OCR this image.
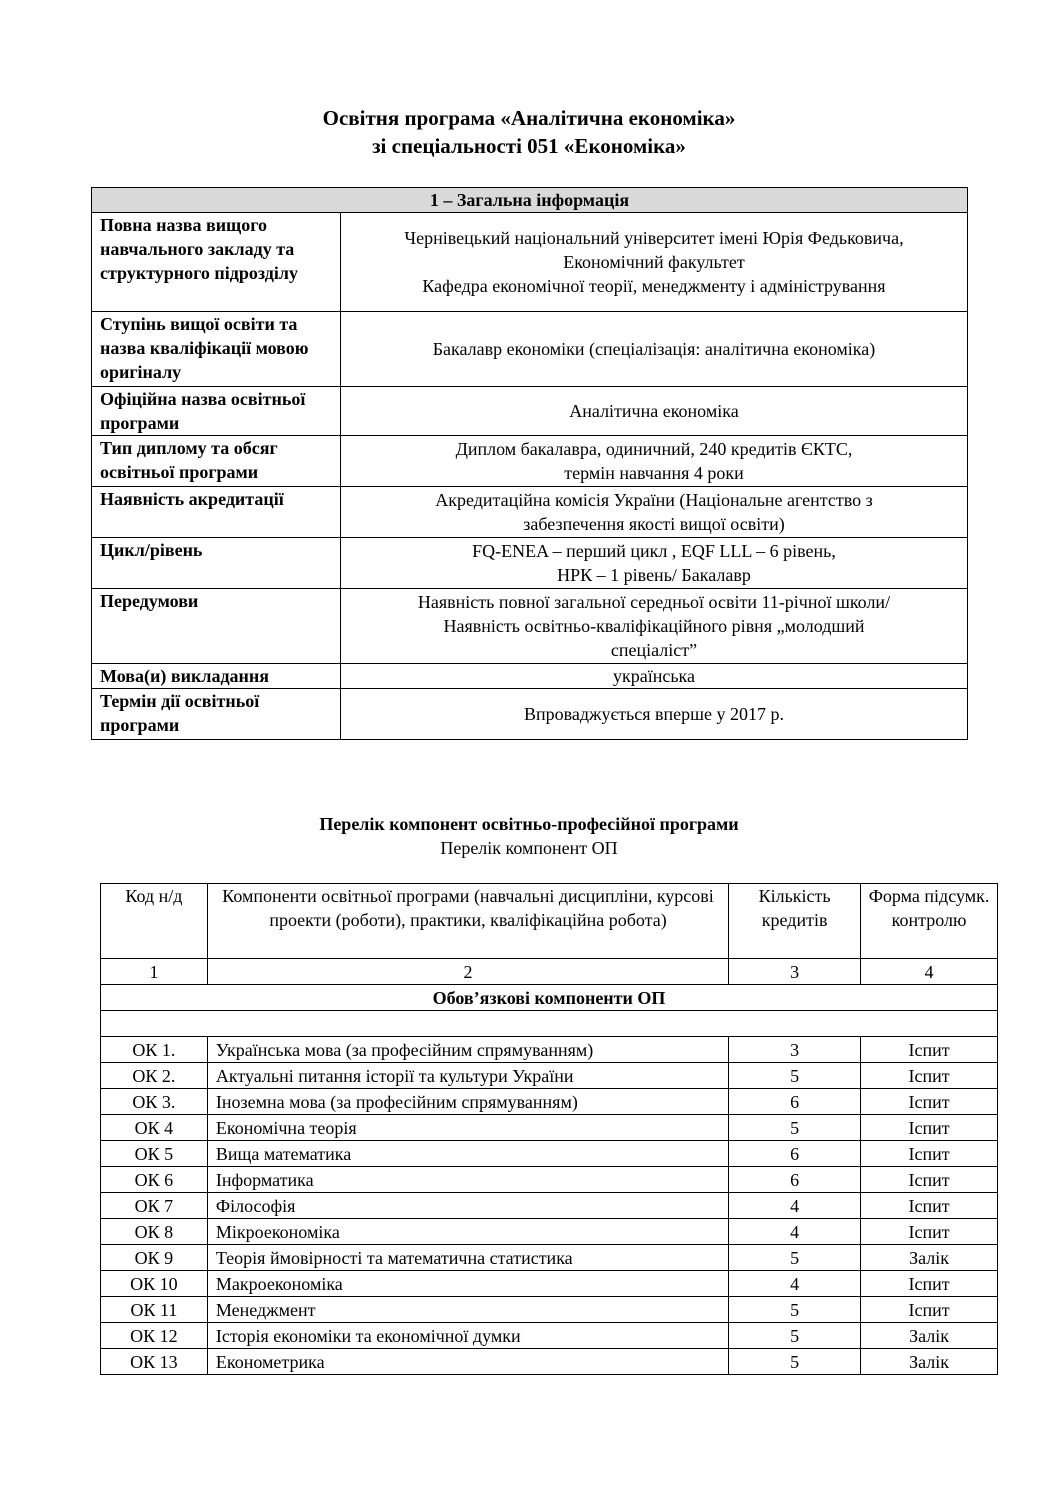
Освітня програма «Аналітична економіка»
зі спеціальності 051 «Економіка»
1 – Загальна інформація	
Повна назва вищого навчального закладу та структурного підрозділу	Чернівецький національний університет імені Юрія Федьковича,
Економічний факультет
Кафедра економічної теорії, менеджменту і адміністрування

Ступінь вищої освіти та назва кваліфікації мовою оригіналу	Бакалавр економіки (спеціалізація: аналітична економіка)

Офіційна назва освітньої програми	Аналітична економіка

Тип диплому та обсяг освітньої програми	Диплом бакалавра, одиничний, 240 кредитів ЄКТС,
термін навчання 4 роки

Наявність акредитації	Акредитаційна комісія України (Національне агентство з
забезпечення якості вищої освіти)

Цикл/рівень	FQ-ENEA – перший цикл , EQF LLL – 6 рівень,
НРК – 1 рівень/ Бакалавр

Передумови	Наявність повної загальної середньої освіти 11-річної школи/
Наявність освітньо-кваліфікаційного рівня „молодший
спеціаліст”

Мова(и) викладання	українська

Термін дії освітньої програми	Впроваджується вперше у 2017 р.
Перелік компонент освітньо-професійної програми
Перелік компонент ОП
Код н/д	Компоненти освітньої програми (навчальні дисципліни, курсові проекти (роботи), практики, кваліфікаційна робота)	Кількість кредитів	Форма підсумк. контролю
1	2	3	4
Обов’язкові компоненти ОП			

ОК 1.	Українська мова (за професійним спрямуванням)	3	Іспит
ОК 2.	Актуальні питання історії та культури України	5	Іспит
ОК 3.	Іноземна мова (за професійним спрямуванням)	6	Іспит
ОК 4	Економічна теорія	5	Іспит
ОК 5	Вища математика	6	Іспит
ОК 6	Інформатика	6	Іспит
ОК 7	Філософія	4	Іспит
ОК 8	Мікроекономіка	4	Іспит
ОК 9	Теорія ймовірності та математична статистика	5	Залік
ОК 10	Макроекономіка	4	Іспит
ОК 11	Менеджмент	5	Іспит
ОК 12	Історія економіки та економічної думки	5	Залік
ОК 13	Економетрика	5	Залік
